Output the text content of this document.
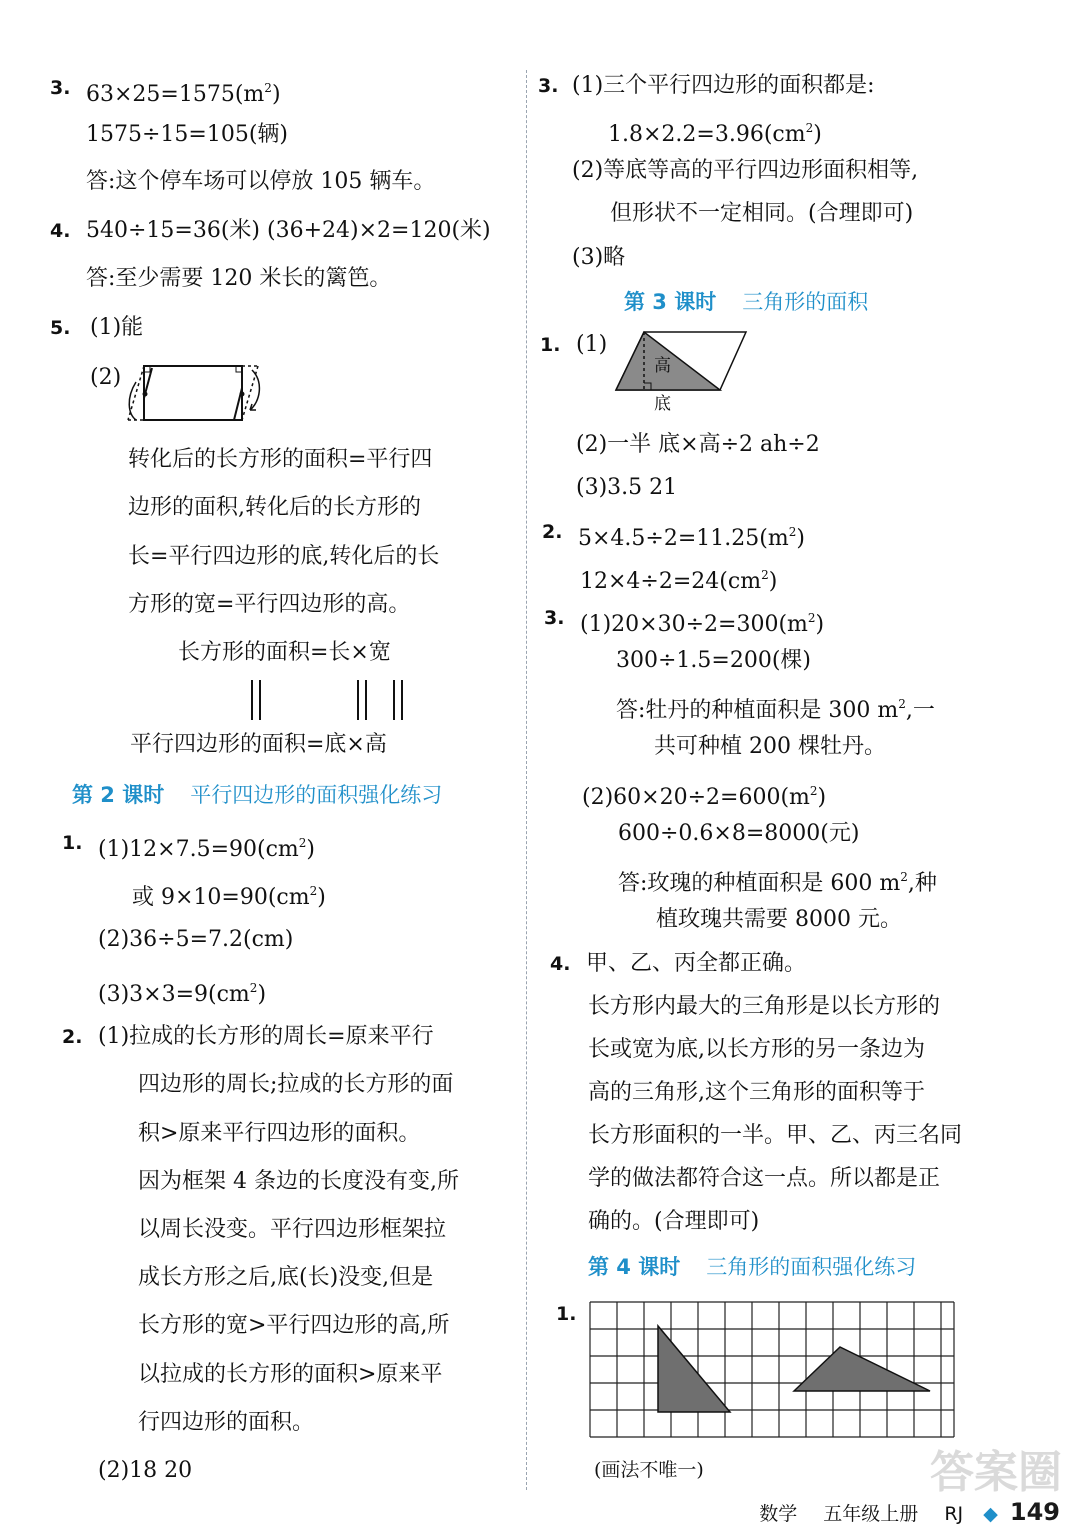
3. $63\times 25=1575(m^2)$
1575÷15=105(辆)
答:这个停车场可以停放 105 辆车。
4. 540÷15=36(米) (36+24)×2=120(米)
答:至少需要 120 米长的篱笆。
5. (1)能
(2)
转化后的长方形的面积=平行四
边形的面积,转化后的长方形的
长=平行四边形的底,转化后的长
方形的宽=平行四边形的高。
长方形的面积=长×宽
平行四边形的面积=底×高
第 2 课时 平行四边形的面积强化练习
1. $(1)12\times 7.5=90(cm^2)$
或 $9\times 10=90(cm^2)$
(2)36÷5=7.2(cm)
$(3)3\times 3=9(cm^2)$
2. (1)拉成的长方形的周长=原来平行
四边形的周长;拉成的长方形的面
积>原来平行四边形的面积。
因为框架 4 条边的长度没有变,所
以周长没变。平行四边形框架拉
成长方形之后,底(长)没变,但是
长方形的宽>平行四边形的高,所
以拉成的长方形的面积>原来平
行四边形的面积。
(2)18 20
3. (1)三个平行四边形的面积都是:
$1.8\times 2.2=3.96(cm^2)$
(2)等底等高的平行四边形面积相等,
但形状不一定相同。(合理即可)
(3)略
第 3 课时 三角形的面积
1. (1)
高
底
(2)一半 底×高÷2 ah÷2
(3)3.5 21
2. $5\times 4.5\div 2=11.25(m^2)$
$12\times 4\div 2=24(cm^2)$
3. $(1)20\times 30\div 2=300(m^2)$
300÷1.5=200(棵)
答:牡丹的种植面积是 300 $m^2$,一
共可种植 200 棵牡丹。
$(2)60\times 20\div 2=600(m^2)$
600÷0.6×8=8000(元)
答:玫瑰的种植面积是 600 $m^2$,种
植玫瑰共需要 8000 元。
4. 甲、乙、丙全都正确。
长方形内最大的三角形是以长方形的
长或宽为底,以长方形的另一条边为
高的三角形,这个三角形的面积等于
长方形面积的一半。甲、乙、丙三名同
学的做法都符合这一点。所以都是正
确的。(合理即可)
第 4 课时 三角形的面积强化练习
1.
(画法不唯一)	答案圈
数学 五年级上册 RJ ◆ 149
